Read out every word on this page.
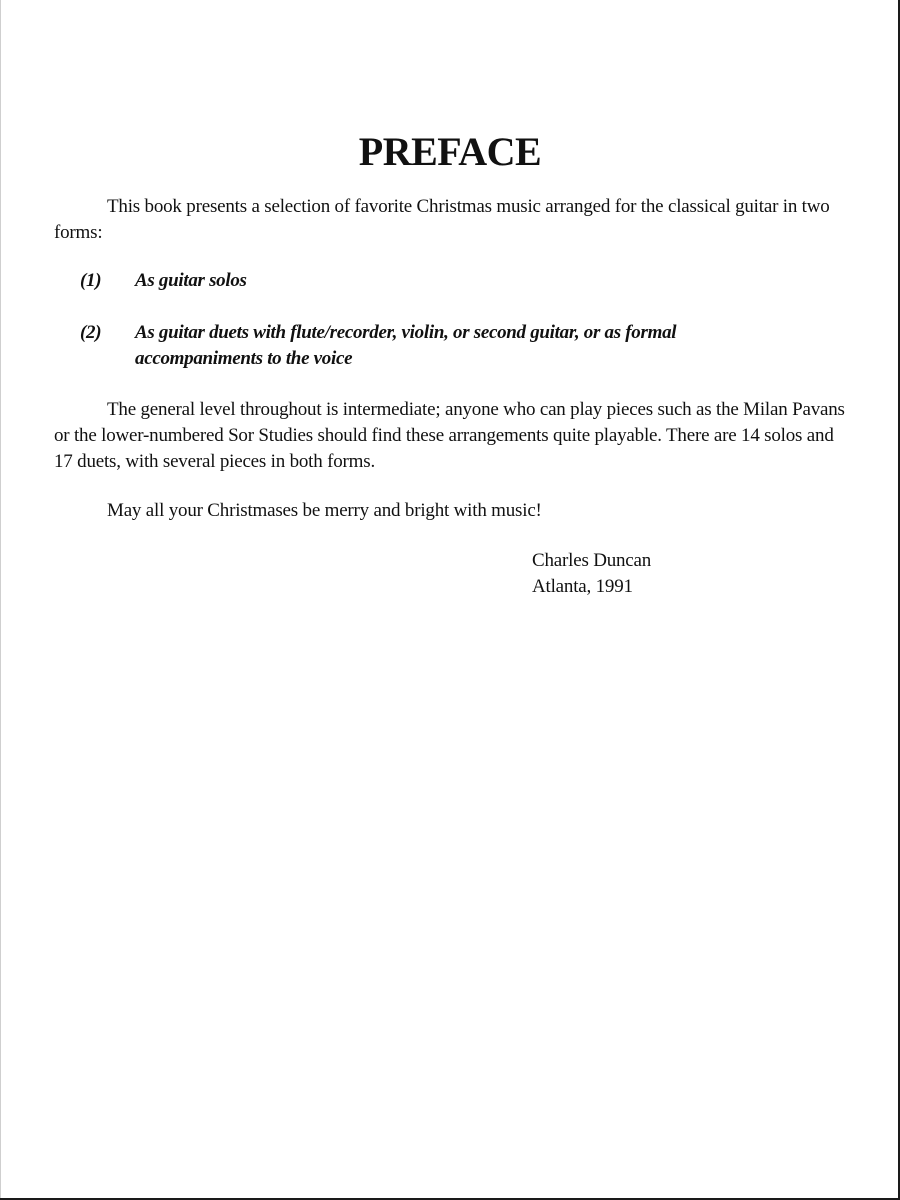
PREFACE

This book presents a selection of favorite Christmas music arranged for the classical guitar in two forms:

(1)	As guitar solos
(2)	As guitar duets with flute/recorder, violin, or second guitar, or as formal accompaniments to the voice

The general level throughout is intermediate; anyone who can play pieces such as the Milan Pavans or the lower-numbered Sor Studies should find these arrangements quite playable. There are 14 solos and 17 duets, with several pieces in both forms.

May all your Christmases be merry and bright with music!

Charles Duncan
Atlanta, 1991
